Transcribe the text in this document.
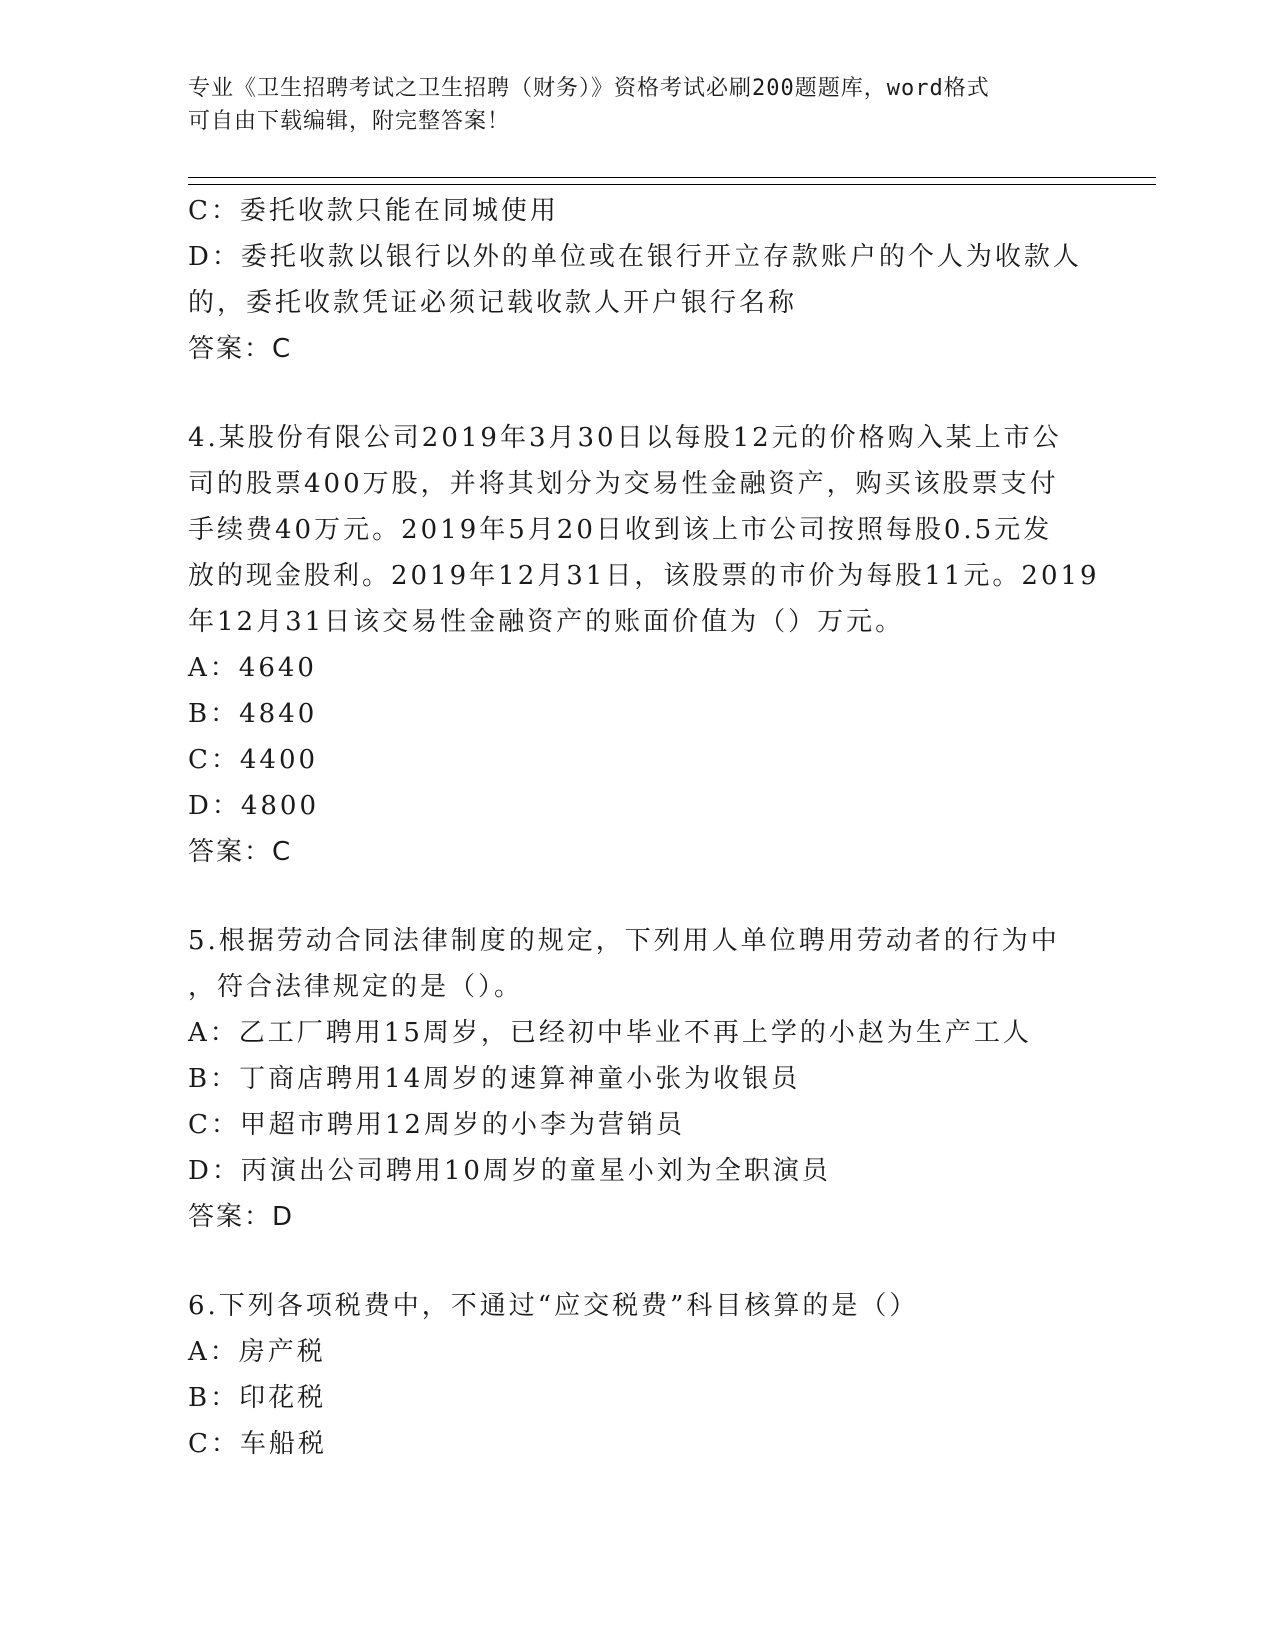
专业《卫生招聘考试之卫生招聘（财务）》资格考试必刷200题题库，word格式
可自由下载编辑，附完整答案！
C：委托收款只能在同城使用
D：委托收款以银行以外的单位或在银行开立存款账户的个人为收款人
的，委托收款凭证必须记载收款人开户银行名称
答案：C
4.某股份有限公司2019年3月30日以每股12元的价格购入某上市公
司的股票400万股，并将其划分为交易性金融资产，购买该股票支付
手续费40万元。2019年5月20日收到该上市公司按照每股0.5元发
放的现金股利。2019年12月31日，该股票的市价为每股11元。2019
年12月31日该交易性金融资产的账面价值为（）万元。
A：4640
B：4840
C：4400
D：4800
答案：C
5.根据劳动合同法律制度的规定，下列用人单位聘用劳动者的行为中
，符合法律规定的是（）。
A：乙工厂聘用15周岁，已经初中毕业不再上学的小赵为生产工人
B：丁商店聘用14周岁的速算神童小张为收银员
C：甲超市聘用12周岁的小李为营销员
D：丙演出公司聘用10周岁的童星小刘为全职演员
答案：D
6.下列各项税费中，不通过“应交税费”科目核算的是（）
A：房产税
B：印花税
C：车船税
